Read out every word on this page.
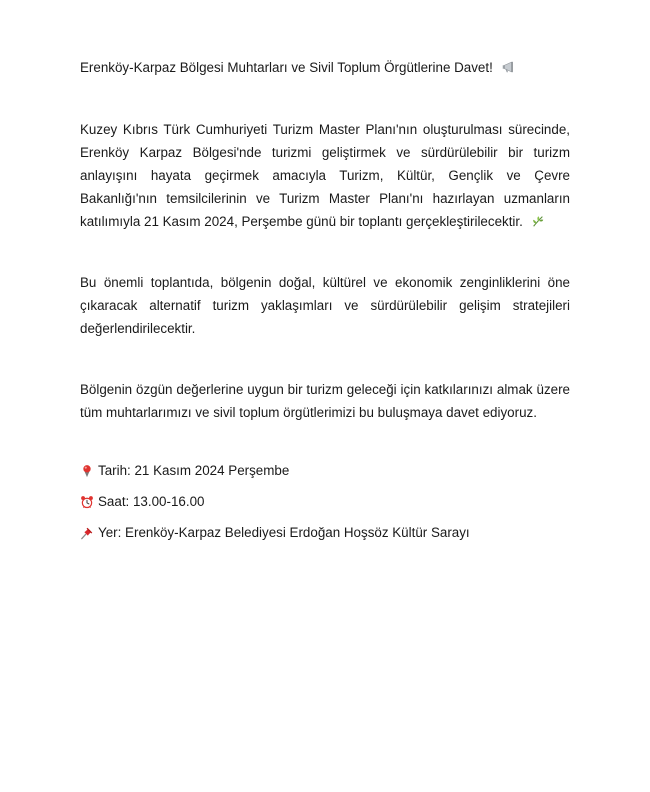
Erenköy-Karpaz Bölgesi Muhtarları ve Sivil Toplum Örgütlerine Davet!
Kuzey Kıbrıs Türk Cumhuriyeti Turizm Master Planı'nın oluşturulması sürecinde, Erenköy Karpaz Bölgesi'nde turizmi geliştirmek ve sürdürülebilir bir turizm anlayışını hayata geçirmek amacıyla Turizm, Kültür, Gençlik ve Çevre Bakanlığı'nın temsilcilerinin ve Turizm Master Planı'nı hazırlayan uzmanların katılımıyla 21 Kasım 2024, Perşembe günü bir toplantı gerçekleştirilecektir.
Bu önemli toplantıda, bölgenin doğal, kültürel ve ekonomik zenginliklerini öne çıkaracak alternatif turizm yaklaşımları ve sürdürülebilir gelişim stratejileri değerlendirilecektir.
Bölgenin özgün değerlerine uygun bir turizm geleceği için katkılarınızı almak üzere tüm muhtarlarımızı ve sivil toplum örgütlerimizi bu buluşmaya davet ediyoruz.
Tarih: 21 Kasım 2024 Perşembe
Saat: 13.00-16.00
Yer: Erenköy-Karpaz Belediyesi Erdoğan Hoşsöz Kültür Sarayı
